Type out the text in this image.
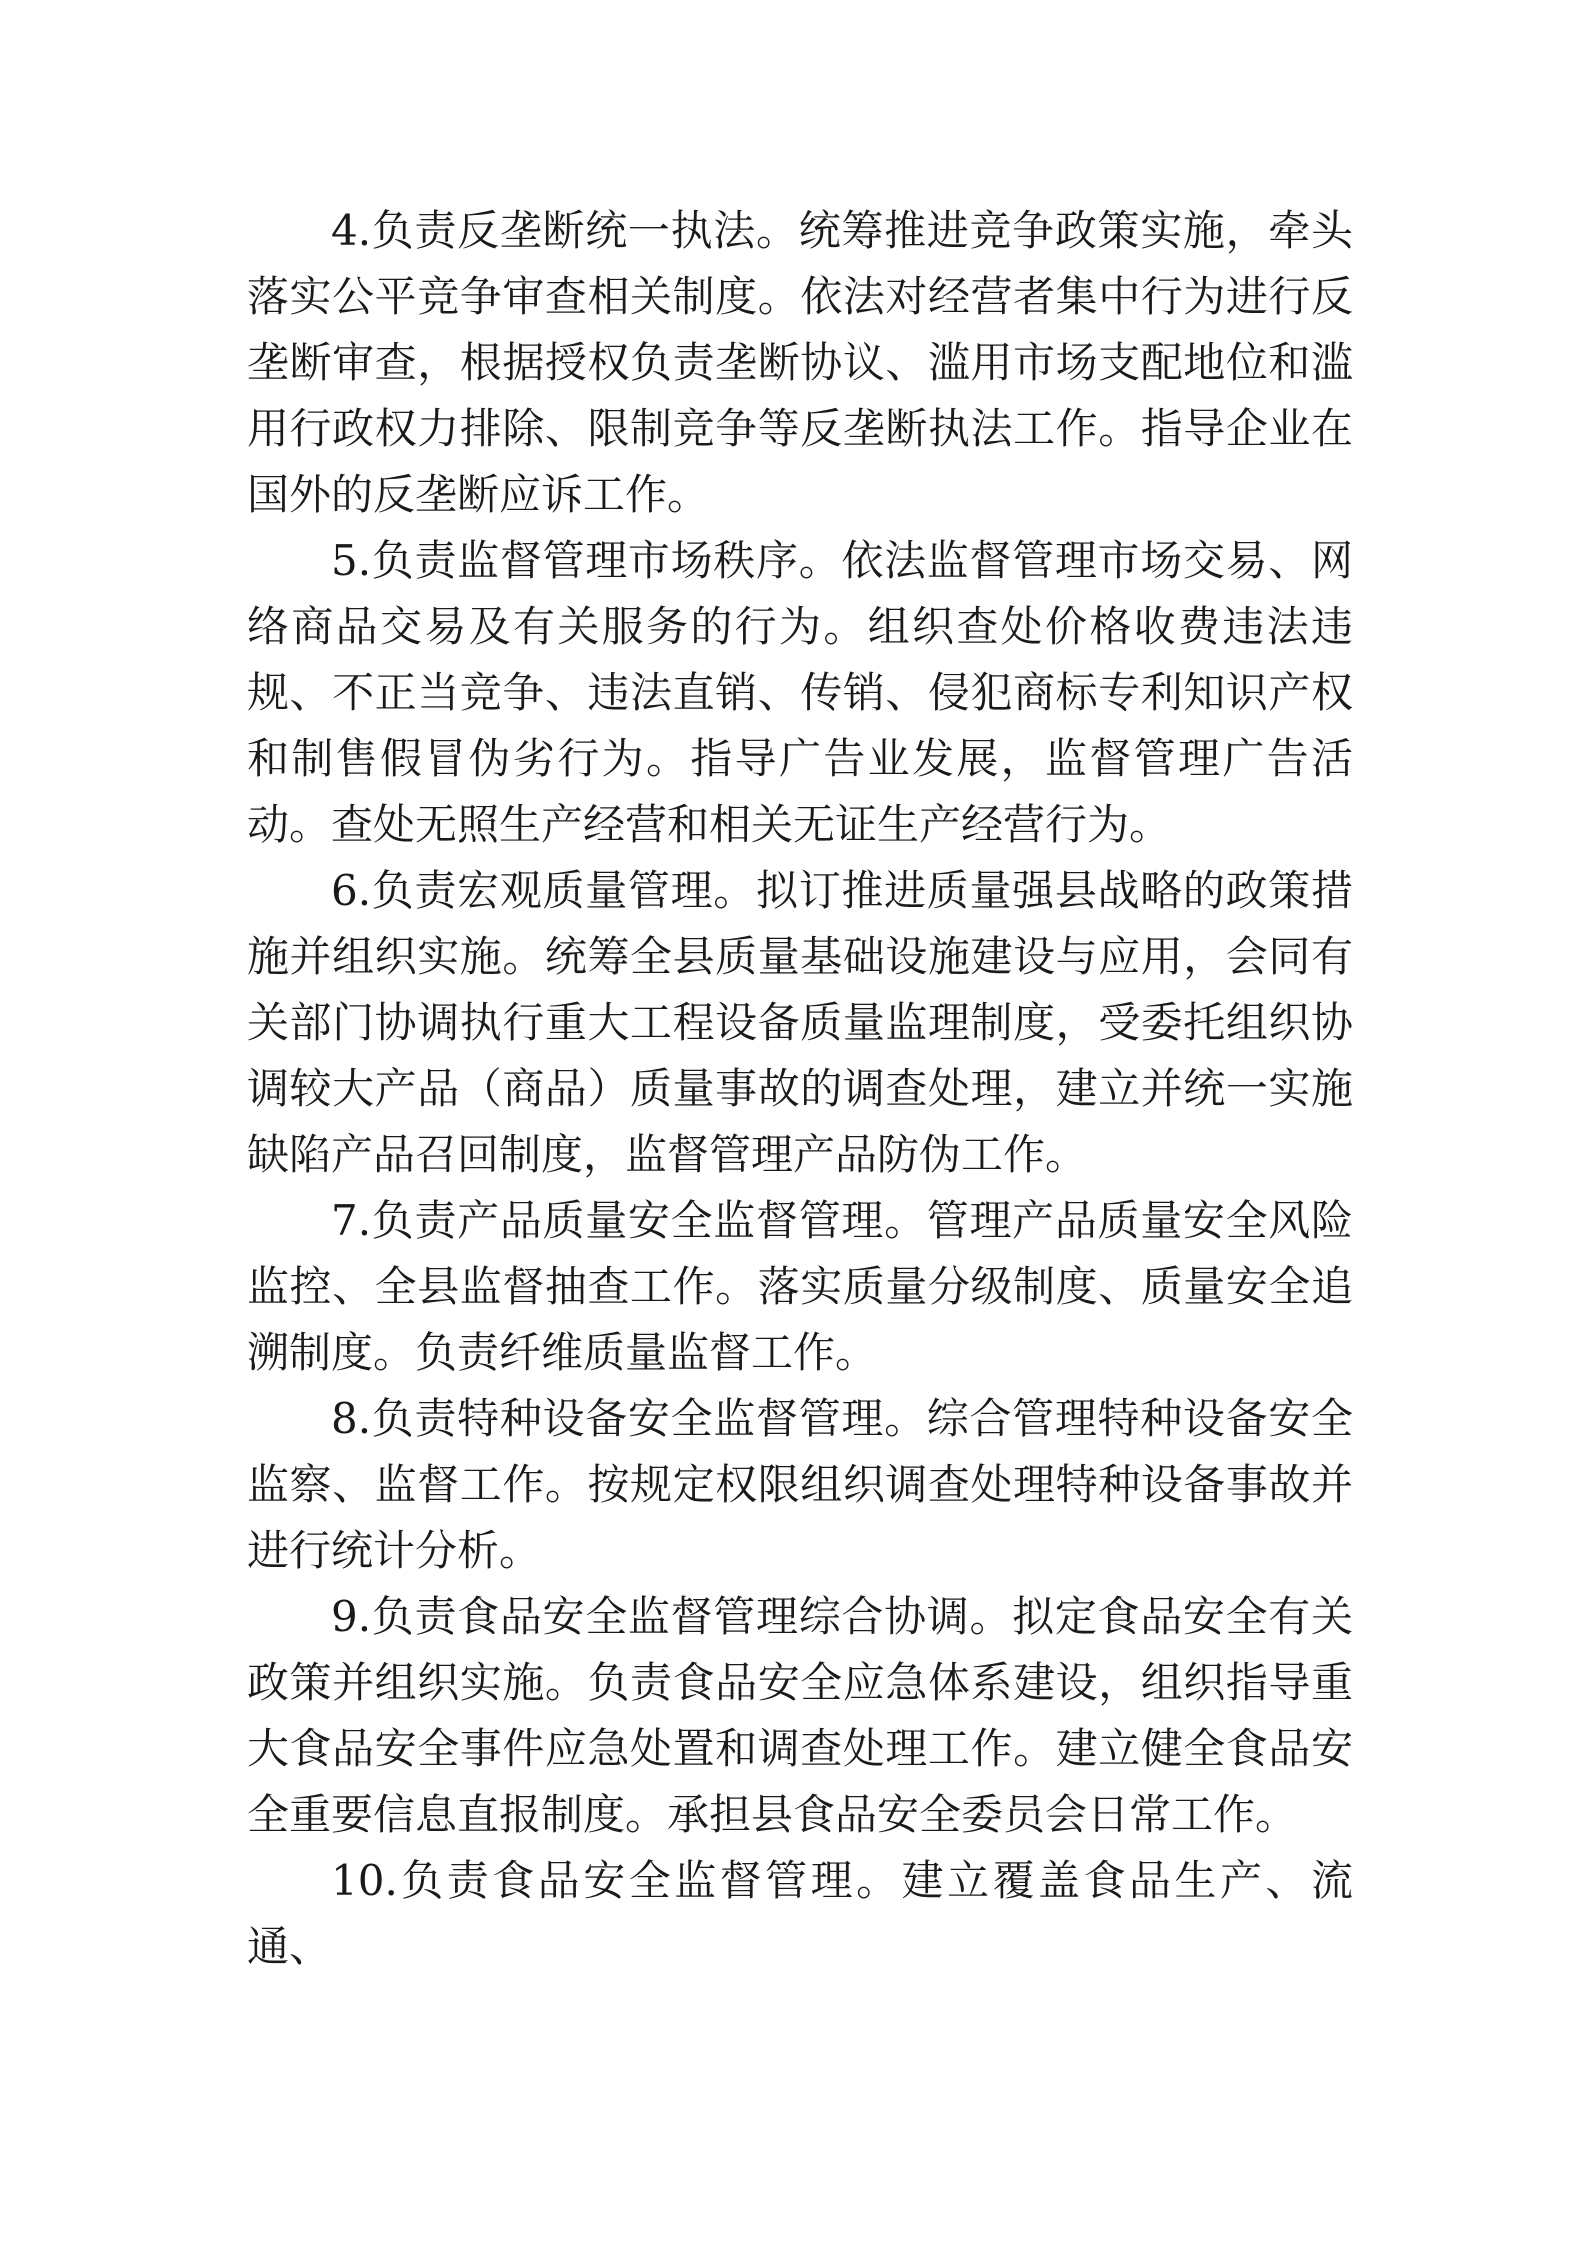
4.负责反垄断统一执法。统筹推进竞争政策实施，牵头落实公平竞争审查相关制度。依法对经营者集中行为进行反垄断审查，根据授权负责垄断协议、滥用市场支配地位和滥用行政权力排除、限制竞争等反垄断执法工作。指导企业在国外的反垄断应诉工作。

5.负责监督管理市场秩序。依法监督管理市场交易、网络商品交易及有关服务的行为。组织查处价格收费违法违规、不正当竞争、违法直销、传销、侵犯商标专利知识产权和制售假冒伪劣行为。指导广告业发展，监督管理广告活动。查处无照生产经营和相关无证生产经营行为。

6.负责宏观质量管理。拟订推进质量强县战略的政策措施并组织实施。统筹全县质量基础设施建设与应用，会同有关部门协调执行重大工程设备质量监理制度，受委托组织协调较大产品（商品）质量事故的调查处理，建立并统一实施缺陷产品召回制度，监督管理产品防伪工作。

7.负责产品质量安全监督管理。管理产品质量安全风险监控、全县监督抽查工作。落实质量分级制度、质量安全追溯制度。负责纤维质量监督工作。

8.负责特种设备安全监督管理。综合管理特种设备安全监察、监督工作。按规定权限组织调查处理特种设备事故并进行统计分析。

9.负责食品安全监督管理综合协调。拟定食品安全有关政策并组织实施。负责食品安全应急体系建设，组织指导重大食品安全事件应急处置和调查处理工作。建立健全食品安全重要信息直报制度。承担县食品安全委员会日常工作。

10.负责食品安全监督管理。建立覆盖食品生产、流通、
